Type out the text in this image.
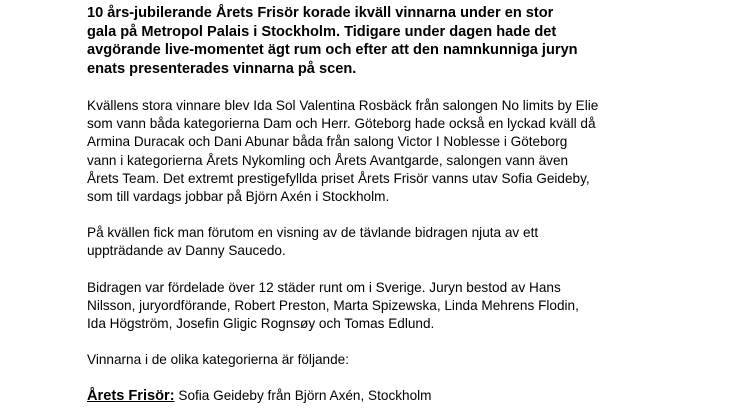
10 års-jubilerande Årets Frisör korade ikväll vinnarna under en stor
gala på Metropol Palais i Stockholm. Tidigare under dagen hade det
avgörande live-momentet ägt rum och efter att den namnkunniga juryn
enats presenterades vinnarna på scen.
Kvällens stora vinnare blev Ida Sol Valentina Rosbäck från salongen No limits by Elie
som vann båda kategorierna Dam och Herr. Göteborg hade också en lyckad kväll då
Armina Duracak och Dani Abunar båda från salong Victor I Noblesse i Göteborg
vann i kategorierna Årets Nykomling och Årets Avantgarde, salongen vann även
Årets Team. Det extremt prestigefyllda priset Årets Frisör vanns utav Sofia Geideby,
som till vardags jobbar på Björn Axén i Stockholm.
På kvällen fick man förutom en visning av de tävlande bidragen njuta av ett
uppträdande av Danny Saucedo.
Bidragen var fördelade över 12 städer runt om i Sverige. Juryn bestod av Hans
Nilsson, juryordförande, Robert Preston, Marta Spizewska, Linda Mehrens Flodin,
Ida Högström, Josefin Gligic Rognsøy och Tomas Edlund.
Vinnarna i de olika kategorierna är följande:
Årets Frisör: Sofia Geideby från Björn Axén, Stockholm
